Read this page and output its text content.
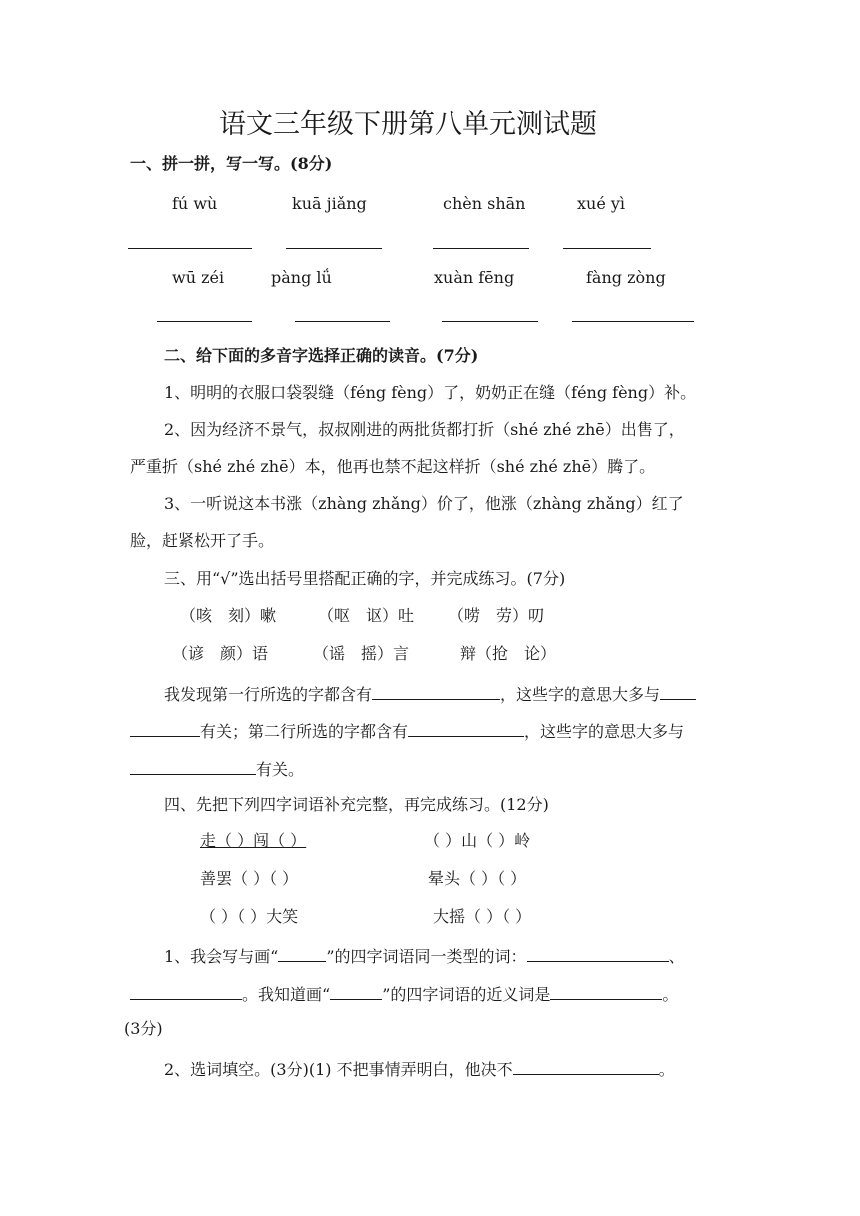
语文三年级下册第八单元测试题
一、拼一拼，写一写。(8分)
fú wù	kuā jiǎng	chèn shān	xué yì
wū zéi	pàng lǘ	xuàn fēng	fàng zòng
二、给下面的多音字选择正确的读音。(7分)
1、明明的衣服口袋裂缝（féng fèng）了，奶奶正在缝（féng fèng）补。
2、因为经济不景气，叔叔刚进的两批货都打折（shé zhé zhē）出售了，
严重折（shé zhé zhē）本，他再也禁不起这样折（shé zhé zhē）腾了。
3、一听说这本书涨（zhàng zhǎng）价了，他涨（zhàng zhǎng）红了
脸，赶紧松开了手。
三、用“√”选出括号里搭配正确的字，并完成练习。(7分)
（咳　刻）嗽	（呕　讴）吐 （唠　劳）叨
（谚　颜）语	（谣　摇）言	辩（抢　论）
我发现第一行所选的字都含有	，这些字的意思大多与
有关；第二行所选的字都含有	，这些字的意思大多与
有关。
四、先把下列四字词语补充完整，再完成练习。(12分)
走（ ）闯（ ）	（ ）山（ ）岭
善罢（ ）（ ）	晕头（ ）（ ）
（ ）（ ）大笑	大摇（ ）（ ）
1、我会写与画“	”的四字词语同一类型的词：	、
。我知道画“	”的四字词语的近义词是	。
(3分)
2、选词填空。(3分)(1) 不把事情弄明白，他决不	。
